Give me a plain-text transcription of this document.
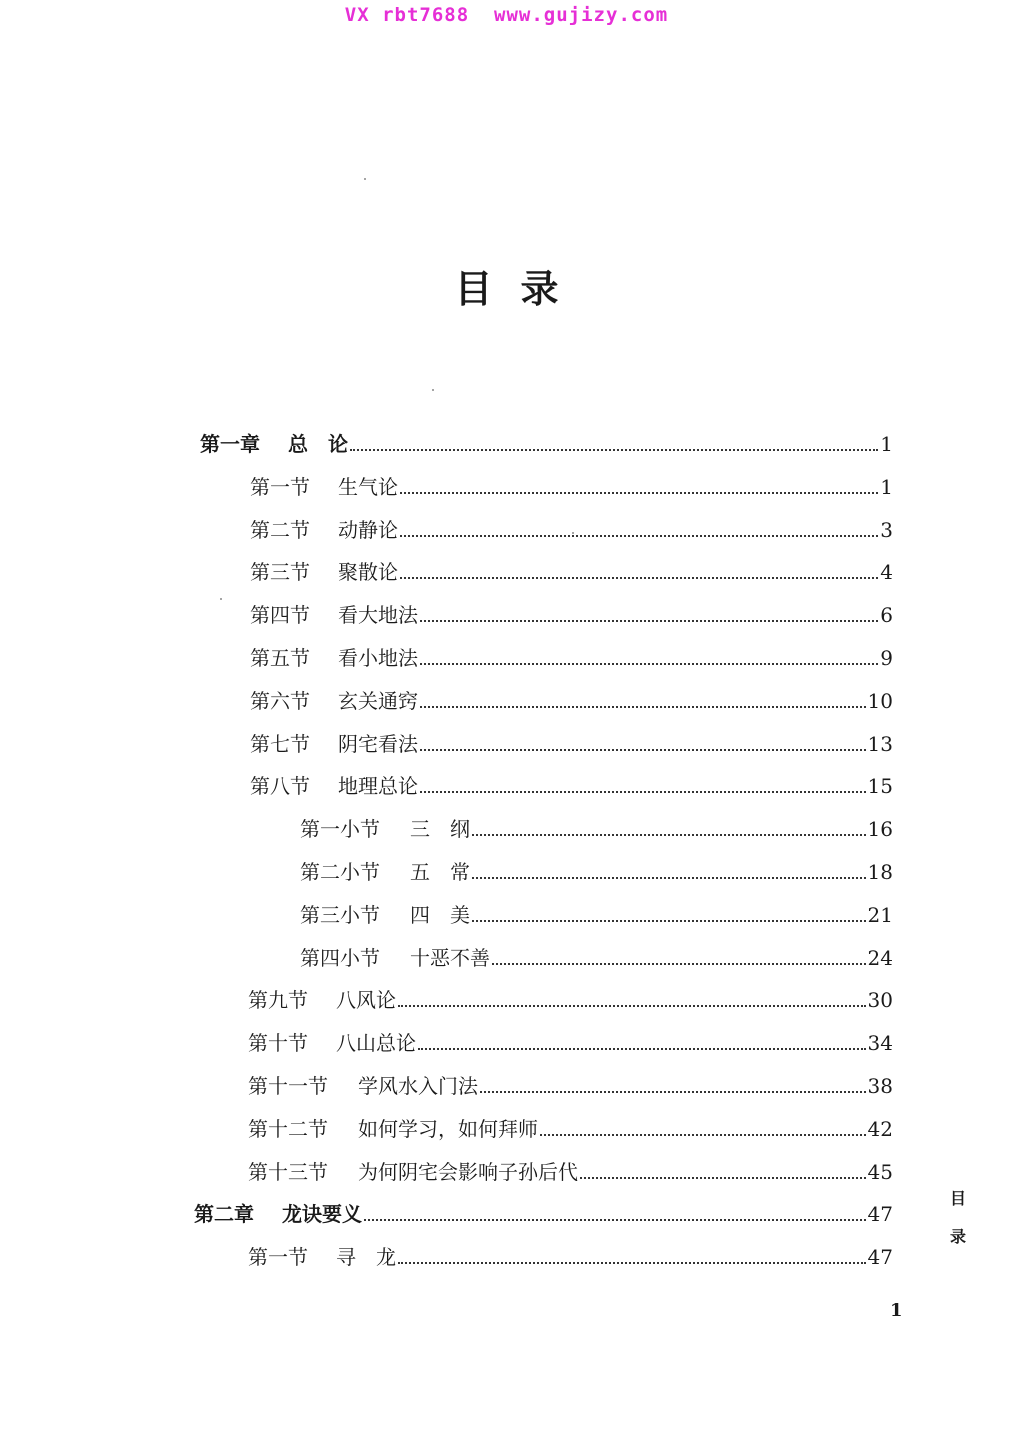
VX rbt7688  www.gujizy.com
目录
第一章	总　论	1
第一节	生气论	1
第二节	动静论	3
第三节	聚散论	4
第四节	看大地法	6
第五节	看小地法	9
第六节	玄关通窍	10
第七节	阴宅看法	13
第八节	地理总论	15
第一小节	三　纲	16
第二小节	五　常	18
第三小节	四　美	21
第四小节	十恶不善	24
第九节	八风论	30
第十节	八山总论	34
第十一节	学风水入门法	38
第十二节	如何学习，如何拜师	42
第十三节	为何阴宅会影响子孙后代	45
第二章	龙诀要义	47
第一节	寻　龙	47
目
录
1
